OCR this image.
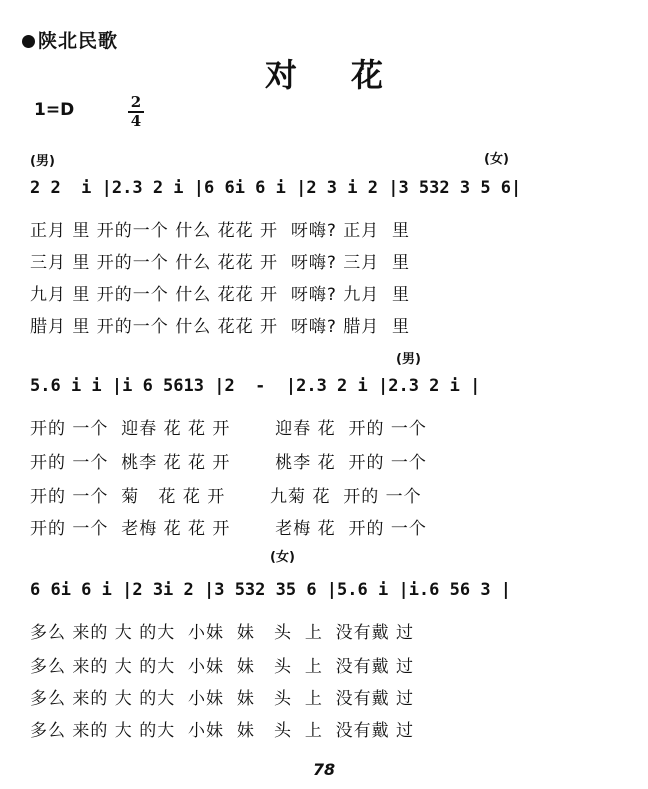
陕北民歌
对花
1=D	2
4
(男)	(女)
2 2  i |2.3 2 i |6 6i 6 i |2 3 i 2 |3 532 3 5 6|
正月 里 开的一个 什么 花花 开  呀嗨? 正月  里
三月 里 开的一个 什么 花花 开  呀嗨? 三月  里
九月 里 开的一个 什么 花花 开  呀嗨? 九月  里
腊月 里 开的一个 什么 花花 开  呀嗨? 腊月  里
(男)
5.6 i i |i 6 5613 |2  -  |2.3 2 i |2.3 2 i |
开的 一个  迎春 花 花 开       迎春 花  开的 一个
开的 一个  桃李 花 花 开       桃李 花  开的 一个
开的 一个  菊   花 花 开       九菊 花  开的 一个
开的 一个  老梅 花 花 开       老梅 花  开的 一个
(女)
6 6i 6 i |2 3i 2 |3 532 35 6 |5.6 i |i.6 56 3 |
多么 来的 大 的大  小妹  妹   头  上  没有戴 过
多么 来的 大 的大  小妹  妹   头  上  没有戴 过
多么 来的 大 的大  小妹  妹   头  上  没有戴 过
多么 来的 大 的大  小妹  妹   头  上  没有戴 过
78
